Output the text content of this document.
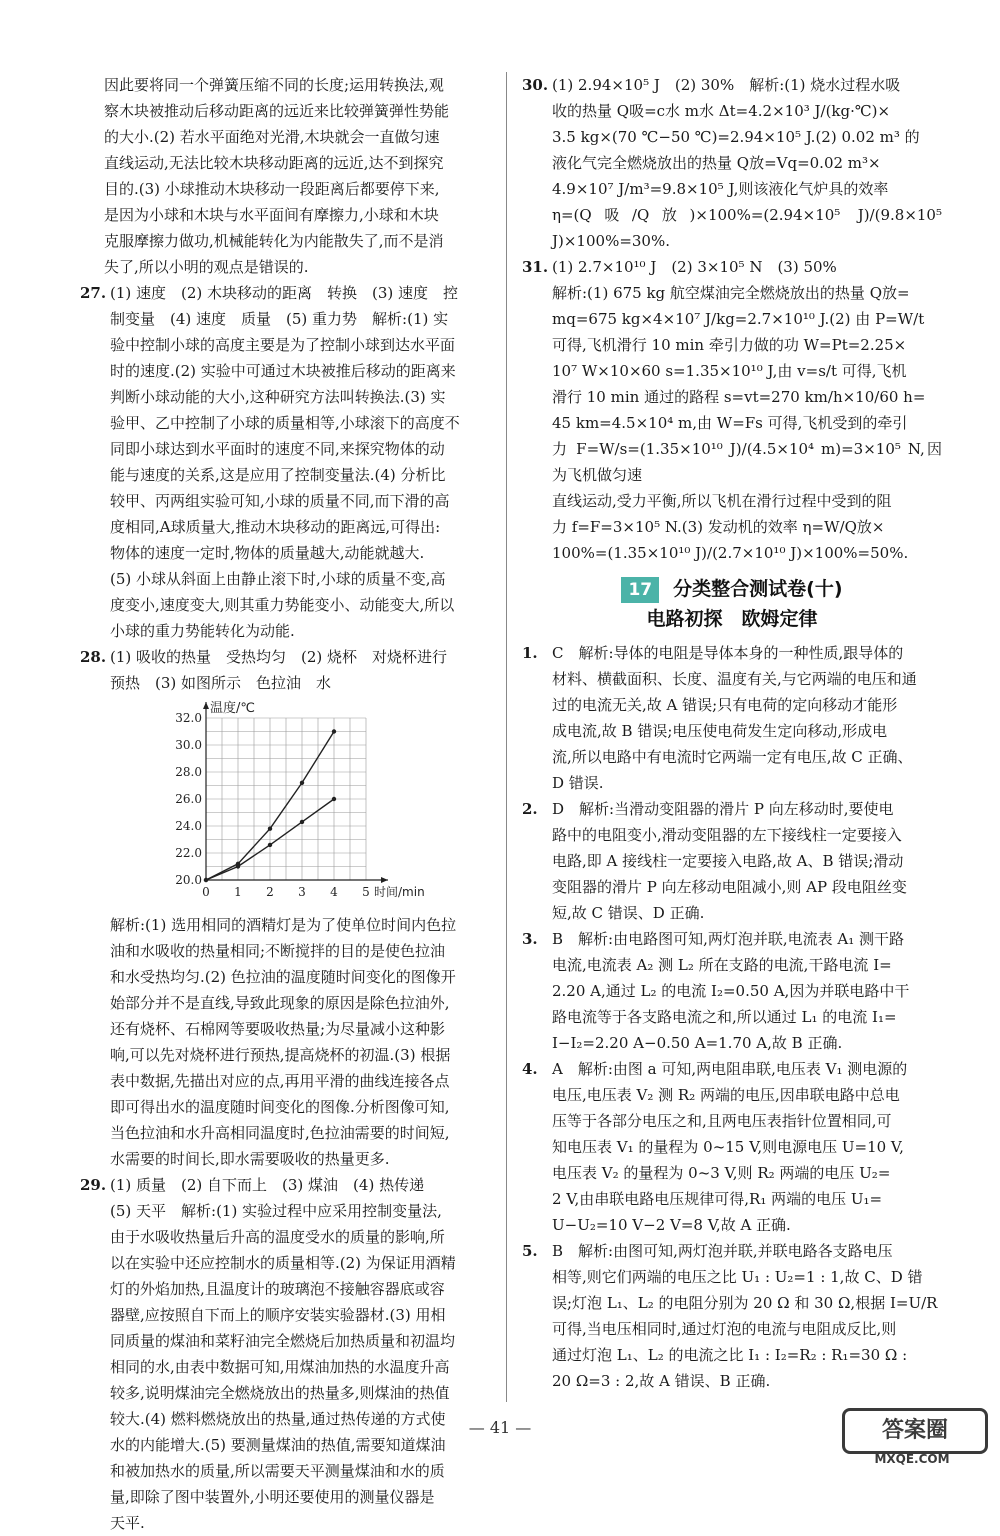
因此要将同一个弹簧压缩不同的长度;运用转换法,观

察木块被推动后移动距离的远近来比较弹簧弹性势能

的大小.(2) 若水平面绝对光滑,木块就会一直做匀速

直线运动,无法比较木块移动距离的远近,达不到探究

目的.(3) 小球推动木块移动一段距离后都要停下来,

是因为小球和木块与水平面间有摩擦力,小球和木块

克服摩擦力做功,机械能转化为内能散失了,而不是消

失了,所以小明的观点是错误的.

27. (1) 速度　(2) 木块移动的距离　转换　(3) 速度　控

制变量　(4) 速度　质量　(5) 重力势　解析:(1) 实

验中控制小球的高度主要是为了控制小球到达水平面

时的速度.(2) 实验中可通过木块被推后移动的距离来

判断小球动能的大小,这种研究方法叫转换法.(3) 实

验甲、乙中控制了小球的质量相等,小球滚下的高度不

同即小球达到水平面时的速度不同,来探究物体的动

能与速度的关系,这是应用了控制变量法.(4) 分析比

较甲、丙两组实验可知,小球的质量不同,而下滑的高

度相同,A球质量大,推动木块移动的距离远,可得出:

物体的速度一定时,物体的质量越大,动能就越大.

(5) 小球从斜面上由静止滚下时,小球的质量不变,高

度变小,速度变大,则其重力势能变小、动能变大,所以

小球的重力势能转化为动能.

28. (1) 吸收的热量　受热均匀　(2) 烧杯　对烧杯进行

预热　(3) 如图所示　色拉油　水

0 1 2 3 4 5
20.0
22.0
24.0
26.0
28.0
30.0
32.0
时间/min
温度/℃

解析:(1) 选用相同的酒精灯是为了使单位时间内色拉

油和水吸收的热量相同;不断搅拌的目的是使色拉油

和水受热均匀.(2) 色拉油的温度随时间变化的图像开

始部分并不是直线,导致此现象的原因是除色拉油外,

还有烧杯、石棉网等要吸收热量;为尽量减小这种影

响,可以先对烧杯进行预热,提高烧杯的初温.(3) 根据

表中数据,先描出对应的点,再用平滑的曲线连接各点

即可得出水的温度随时间变化的图像.分析图像可知,

当色拉油和水升高相同温度时,色拉油需要的时间短,

水需要的时间长,即水需要吸收的热量更多.

29. (1) 质量　(2) 自下而上　(3) 煤油　(4) 热传递

(5) 天平　解析:(1) 实验过程中应采用控制变量法,

由于水吸收热量后升高的温度受水的质量的影响,所

以在实验中还应控制水的质量相等.(2) 为保证用酒精

灯的外焰加热,且温度计的玻璃泡不接触容器底或容

器壁,应按照自下而上的顺序安装实验器材.(3) 用相

同质量的煤油和菜籽油完全燃烧后加热质量和初温均

相同的水,由表中数据可知,用煤油加热的水温度升高

较多,说明煤油完全燃烧放出的热量多,则煤油的热值

较大.(4) 燃料燃烧放出的热量,通过热传递的方式使

水的内能增大.(5) 要测量煤油的热值,需要知道煤油

和被加热水的质量,所以需要天平测量煤油和水的质

量,即除了图中装置外,小明还要使用的测量仪器是

天平.

30. (1) 2.94×10⁵ J　(2) 30%　解析:(1) 烧水过程水吸

收的热量 Q吸=c水 m水 Δt=4.2×10³ J/(kg·℃)×

3.5 kg×(70 ℃−50 ℃)=2.94×10⁵ J.(2) 0.02 m³ 的

液化气完全燃烧放出的热量 Q放=Vq=0.02 m³×

4.9×10⁷ J/m³=9.8×10⁵ J,则该液化气炉具的效率

η=(Q吸/Q放)×100%=(2.94×10⁵ J)/(9.8×10⁵ J)×100%=30%.

31. (1) 2.7×10¹⁰ J　(2) 3×10⁵ N　(3) 50%

解析:(1) 675 kg 航空煤油完全燃烧放出的热量 Q放=

mq=675 kg×4×10⁷ J/kg=2.7×10¹⁰ J.(2) 由 P=W/t

可得,飞机滑行 10 min 牵引力做的功 W=Pt=2.25×

10⁷ W×10×60 s=1.35×10¹⁰ J,由 v=s/t 可得,飞机

滑行 10 min 通过的路程 s=vt=270 km/h×10/60 h=

45 km=4.5×10⁴ m,由 W=Fs 可得,飞机受到的牵引

力 F=W/s=(1.35×10¹⁰ J)/(4.5×10⁴ m)=3×10⁵ N,因为飞机做匀速

直线运动,受力平衡,所以飞机在滑行过程中受到的阻

力 f=F=3×10⁵ N.(3) 发动机的效率 η=W/Q放×

100%=(1.35×10¹⁰ J)/(2.7×10¹⁰ J)×100%=50%.

17 分类整合测试卷(十)
电路初探　欧姆定律
1. C　解析:导体的电阻是导体本身的一种性质,跟导体的

材料、横截面积、长度、温度有关,与它两端的电压和通

过的电流无关,故 A 错误;只有电荷的定向移动才能形

成电流,故 B 错误;电压使电荷发生定向移动,形成电

流,所以电路中有电流时它两端一定有电压,故 C 正确、

D 错误.

2. D　解析:当滑动变阻器的滑片 P 向左移动时,要使电

路中的电阻变小,滑动变阻器的左下接线柱一定要接入

电路,即 A 接线柱一定要接入电路,故 A、B 错误;滑动

变阻器的滑片 P 向左移动电阻减小,则 AP 段电阻丝变

短,故 C 错误、D 正确.

3. B　解析:由电路图可知,两灯泡并联,电流表 A₁ 测干路

电流,电流表 A₂ 测 L₂ 所在支路的电流,干路电流 I=

2.20 A,通过 L₂ 的电流 I₂=0.50 A,因为并联电路中干

路电流等于各支路电流之和,所以通过 L₁ 的电流 I₁=

I−I₂=2.20 A−0.50 A=1.70 A,故 B 正确.

4. A　解析:由图 a 可知,两电阻串联,电压表 V₁ 测电源的

电压,电压表 V₂ 测 R₂ 两端的电压,因串联电路中总电

压等于各部分电压之和,且两电压表指针位置相同,可

知电压表 V₁ 的量程为 0~15 V,则电源电压 U=10 V,

电压表 V₂ 的量程为 0~3 V,则 R₂ 两端的电压 U₂=

2 V,由串联电路电压规律可得,R₁ 两端的电压 U₁=

U−U₂=10 V−2 V=8 V,故 A 正确.

5. B　解析:由图可知,两灯泡并联,并联电路各支路电压

相等,则它们两端的电压之比 U₁ : U₂=1 : 1,故 C、D 错

误;灯泡 L₁、L₂ 的电阻分别为 20 Ω 和 30 Ω,根据 I=U/R

可得,当电压相同时,通过灯泡的电流与电阻成反比,则

通过灯泡 L₁、L₂ 的电流之比 I₁ : I₂=R₂ : R₁=30 Ω :

20 Ω=3 : 2,故 A 错误、B 正确.

— 41 —	答案圈
MXQE.COM
